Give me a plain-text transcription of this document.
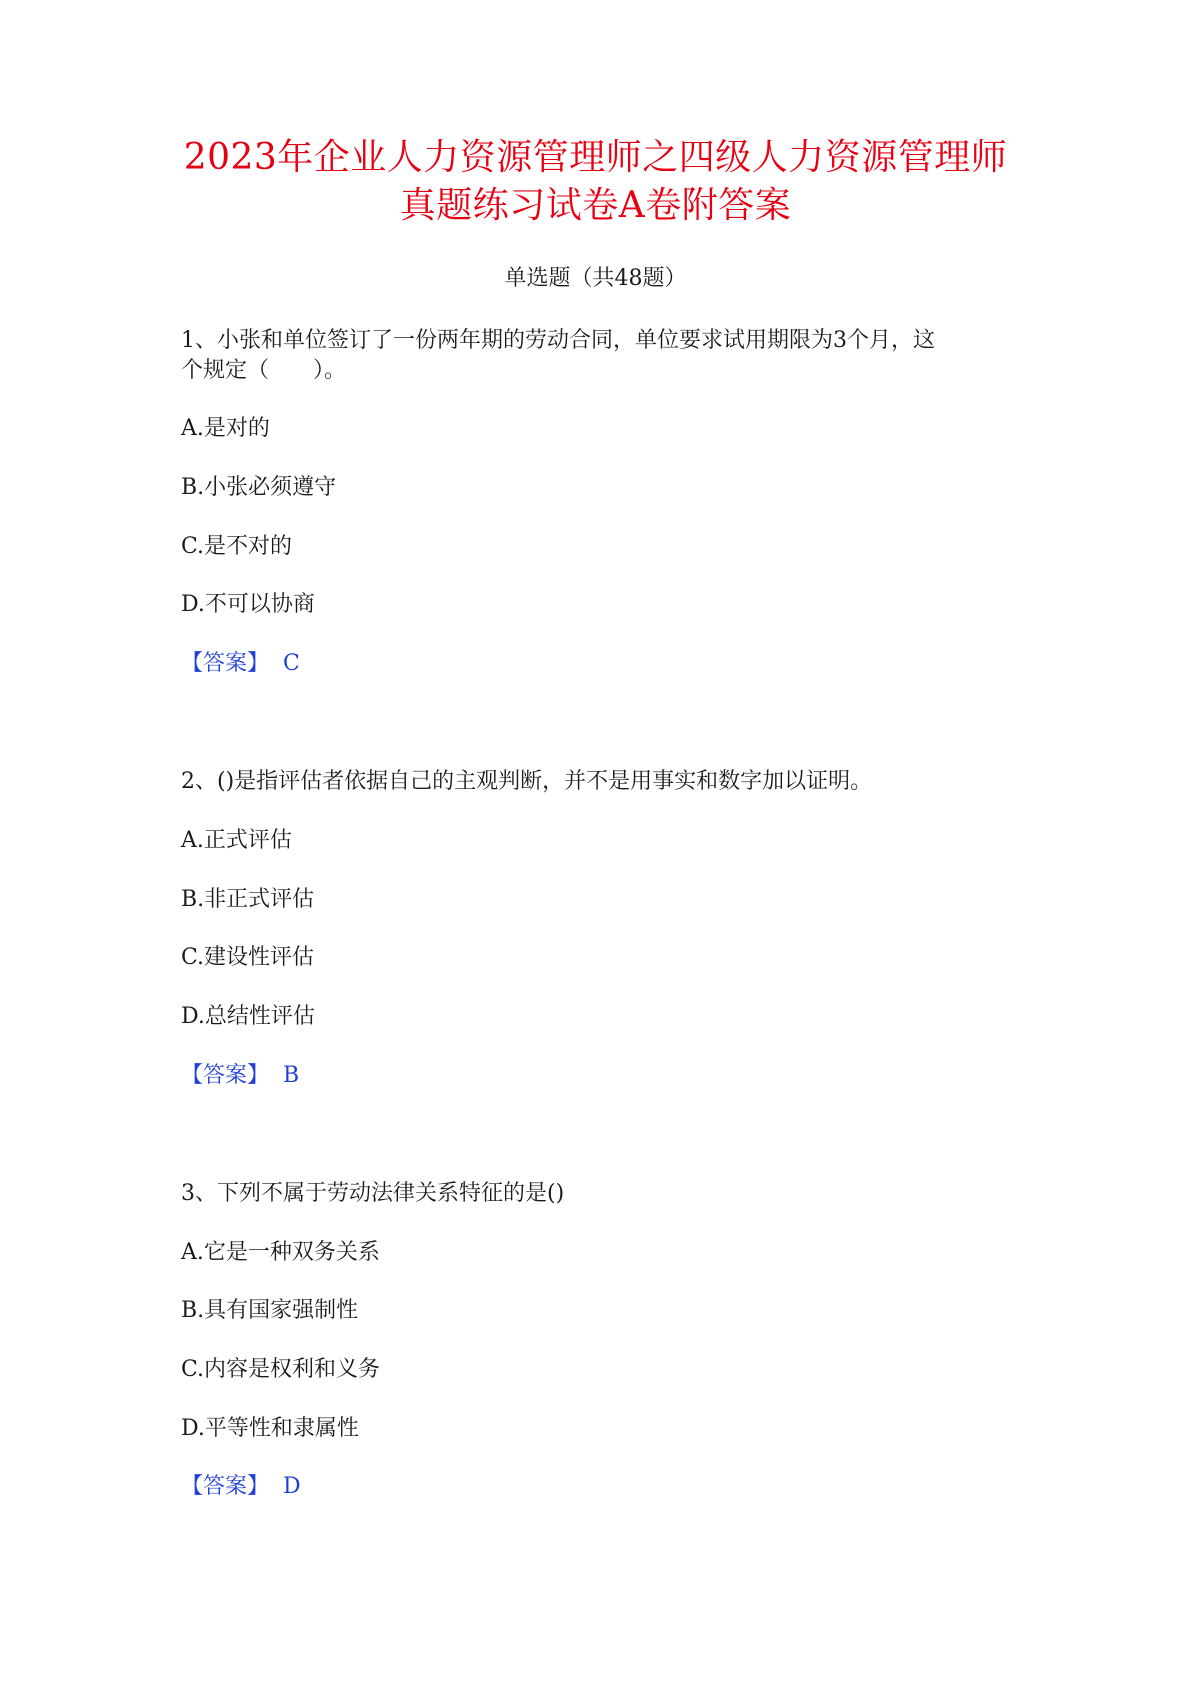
2023年企业人力资源管理师之四级人力资源管理师
真题练习试卷A卷附答案
单选题（共48题）
1、小张和单位签订了一份两年期的劳动合同，单位要求试用期限为3个月，这
个规定（　　）。
A.是对的
B.小张必须遵守
C.是不对的
D.不可以协商
【答案】 C
2、()是指评估者依据自己的主观判断，并不是用事实和数字加以证明。
A.正式评估
B.非正式评估
C.建设性评估
D.总结性评估
【答案】 B
3、下列不属于劳动法律关系特征的是()
A.它是一种双务关系
B.具有国家强制性
C.内容是权利和义务
D.平等性和隶属性
【答案】 D
